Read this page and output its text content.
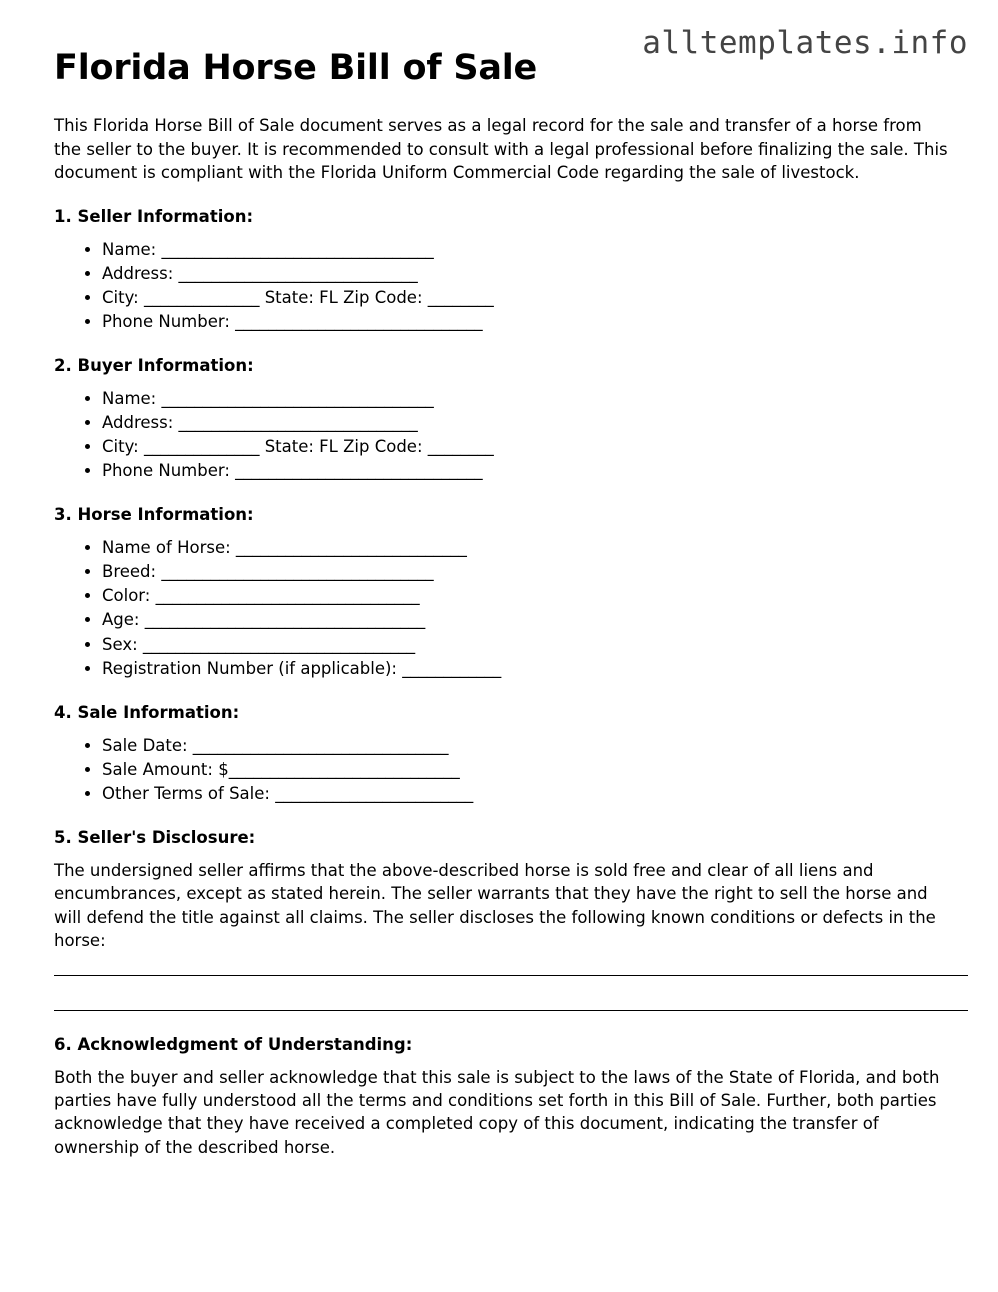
alltemplates.info
Florida Horse Bill of Sale

This Florida Horse Bill of Sale document serves as a legal record for the sale and transfer of a horse from the seller to the buyer. It is recommended to consult with a legal professional before finalizing the sale. This document is compliant with the Florida Uniform Commercial Code regarding the sale of livestock.

1. Seller Information:
• Name: _________________________________
• Address: _____________________________
• City: ______________ State: FL Zip Code: ________
• Phone Number: ______________________________
2. Buyer Information:
• Name: _________________________________
• Address: _____________________________
• City: ______________ State: FL Zip Code: ________
• Phone Number: ______________________________
3. Horse Information:
• Name of Horse: ____________________________
• Breed: _________________________________
• Color: ________________________________
• Age: __________________________________
• Sex: _________________________________
• Registration Number (if applicable): ____________
4. Sale Information:
• Sale Date: _______________________________
• Sale Amount: $____________________________
• Other Terms of Sale: ________________________
5. Seller's Disclosure:

The undersigned seller affirms that the above-described horse is sold free and clear of all liens and encumbrances, except as stated herein. The seller warrants that they have the right to sell the horse and will defend the title against all claims. The seller discloses the following known conditions or defects in the horse:

6. Acknowledgment of Understanding:

Both the buyer and seller acknowledge that this sale is subject to the laws of the State of Florida, and both parties have fully understood all the terms and conditions set forth in this Bill of Sale. Further, both parties acknowledge that they have received a completed copy of this document, indicating the transfer of ownership of the described horse.
